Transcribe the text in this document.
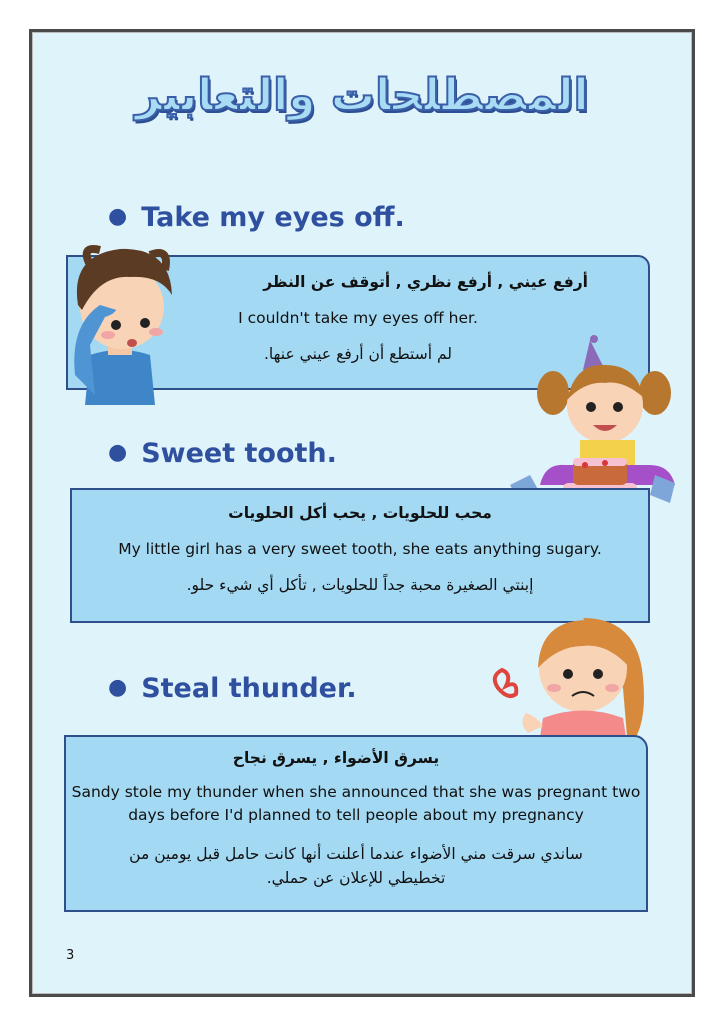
المصطلحات والتعابير
● Take my eyes off.
أرفع عيني , أرفع نظري , أتوقف عن النظر
I couldn't take my eyes off her.
لم أستطع أن أرفع عيني عنها.
● Sweet tooth.
محب للحلويات , يحب أكل الحلويات
My little girl has a very sweet tooth, she eats anything sugary.
إبنتي الصغيرة محبة جداً للحلويات , تأكل أي شيء حلو.
● Steal thunder.
يسرق الأضواء , يسرق نجاح
Sandy stole my thunder when she announced that she was pregnant two
days before I'd planned to tell people about my pregnancy
ساندي سرقت مني الأضواء عندما أعلنت أنها كانت حامل قبل يومين من
تخطيطي للإعلان عن حملي.
3
